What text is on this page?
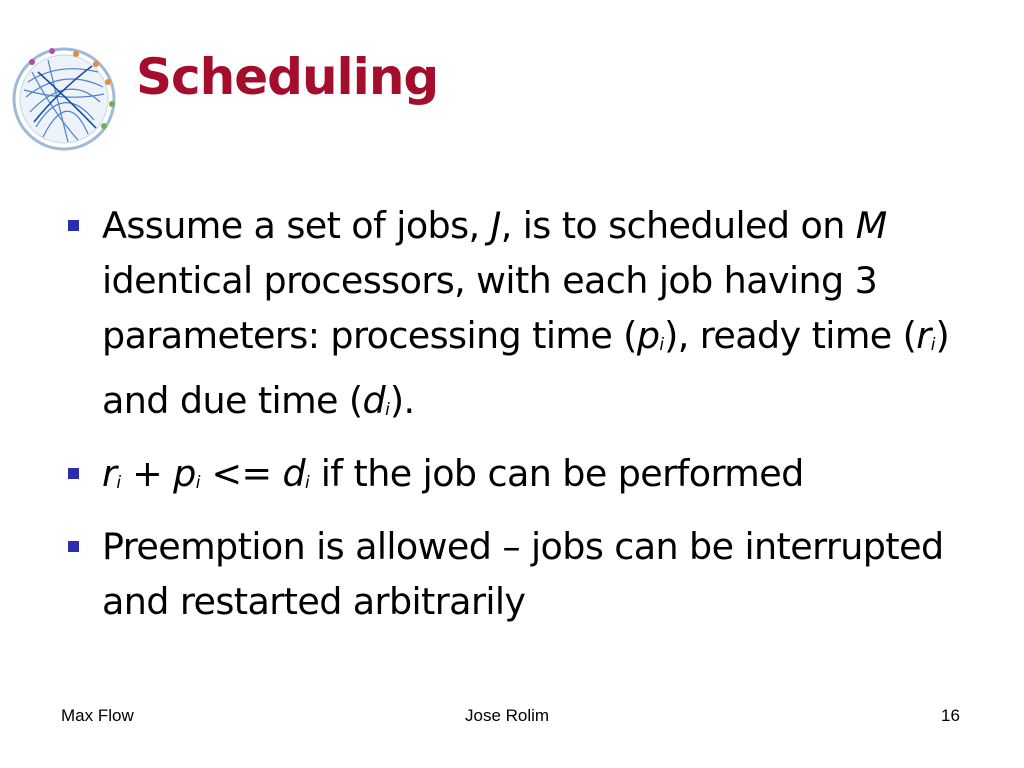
Scheduling
Assume a set of jobs, J, is to scheduled on M identical processors, with each job having 3 parameters: processing time $(p_i)$, ready time $(r_i)$ and due time $(d_i)$.
$r_i + p_i <= d_i$ if the job can be performed
Preemption is allowed – jobs can be interrupted and restarted arbitrarily
Max Flow	Jose Rolim	16
